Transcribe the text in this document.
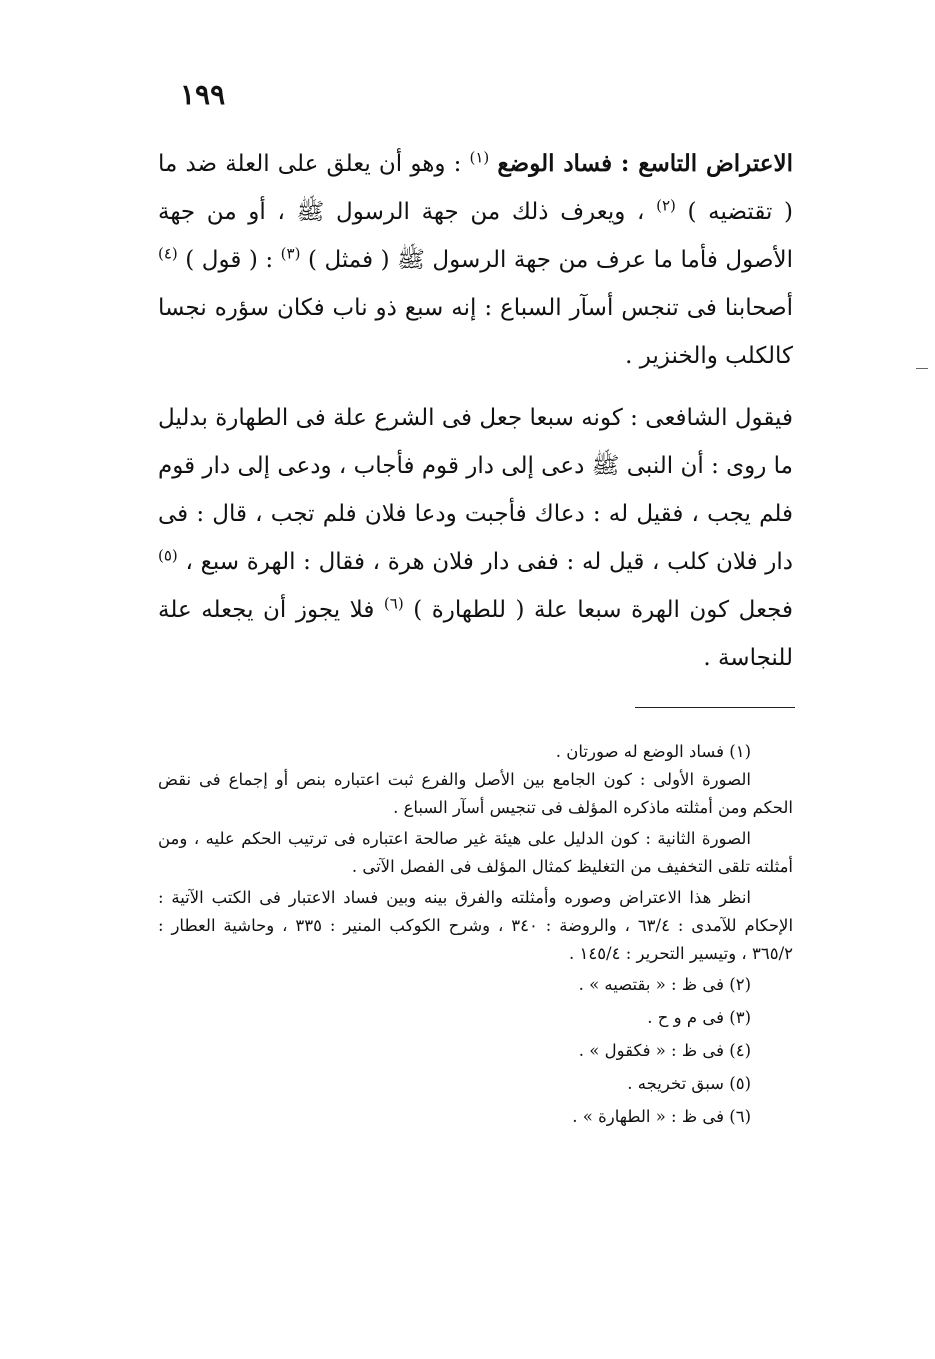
١٩٩

الاعتراض التاسع : فساد الوضع $^{(١)}$ : وهو أن يعلق على العلة ضد ما ( تقتضيه ) $^{(٢)}$ ، ويعرف ذلك من جهة الرسول ﷺ ، أو من جهة الأصول فأما ما عرف من جهة الرسول ﷺ ( فمثل ) $^{(٣)}$ : ( قول ) $^{(٤)}$ أصحابنا فى تنجس أسآر السباع : إنه سبع ذو ناب فكان سؤره نجسا كالكلب والخنزير .

فيقول الشافعى : كونه سبعا جعل فى الشرع علة فى الطهارة بدليل ما روى : أن النبى ﷺ دعى إلى دار قوم فأجاب ، ودعى إلى دار قوم فلم يجب ، فقيل له : دعاك فأجبت ودعا فلان فلم تجب ، قال : فى دار فلان كلب ، قيل له : ففى دار فلان هرة ، فقال : الهرة سبع ، $^{(٥)}$ فجعل كون الهرة سبعا علة ( للطهارة ) $^{(٦)}$ فلا يجوز أن يجعله علة للنجاسة .

(١) فساد الوضع له صورتان .

الصورة الأولى : كون الجامع بين الأصل والفرع ثبت اعتباره بنص أو إجماع فى نقض الحكم ومن أمثلته ماذكره المؤلف فى تنجيس أسآر السباع .

الصورة الثانية : كون الدليل على هيئة غير صالحة اعتباره فى ترتيب الحكم عليه ، ومن أمثلته تلقى التخفيف من التغليظ كمثال المؤلف فى الفصل الآتى .

انظر هذا الاعتراض وصوره وأمثلته والفرق بينه وبين فساد الاعتبار فى الكتب الآتية : الإحكام للآمدى : ٦٣/٤ ، والروضة : ٣٤٠ ، وشرح الكوكب المنير : ٣٣٥ ، وحاشية العطار : ٣٦٥/٢ ، وتيسير التحرير : ١٤٥/٤ .

(٢) فى ظ : « بقتصيه » .

(٣) فى م و ح .

(٤) فى ظ : « فكقول » .

(٥) سبق تخريجه .

(٦) فى ظ : « الطهارة » .
